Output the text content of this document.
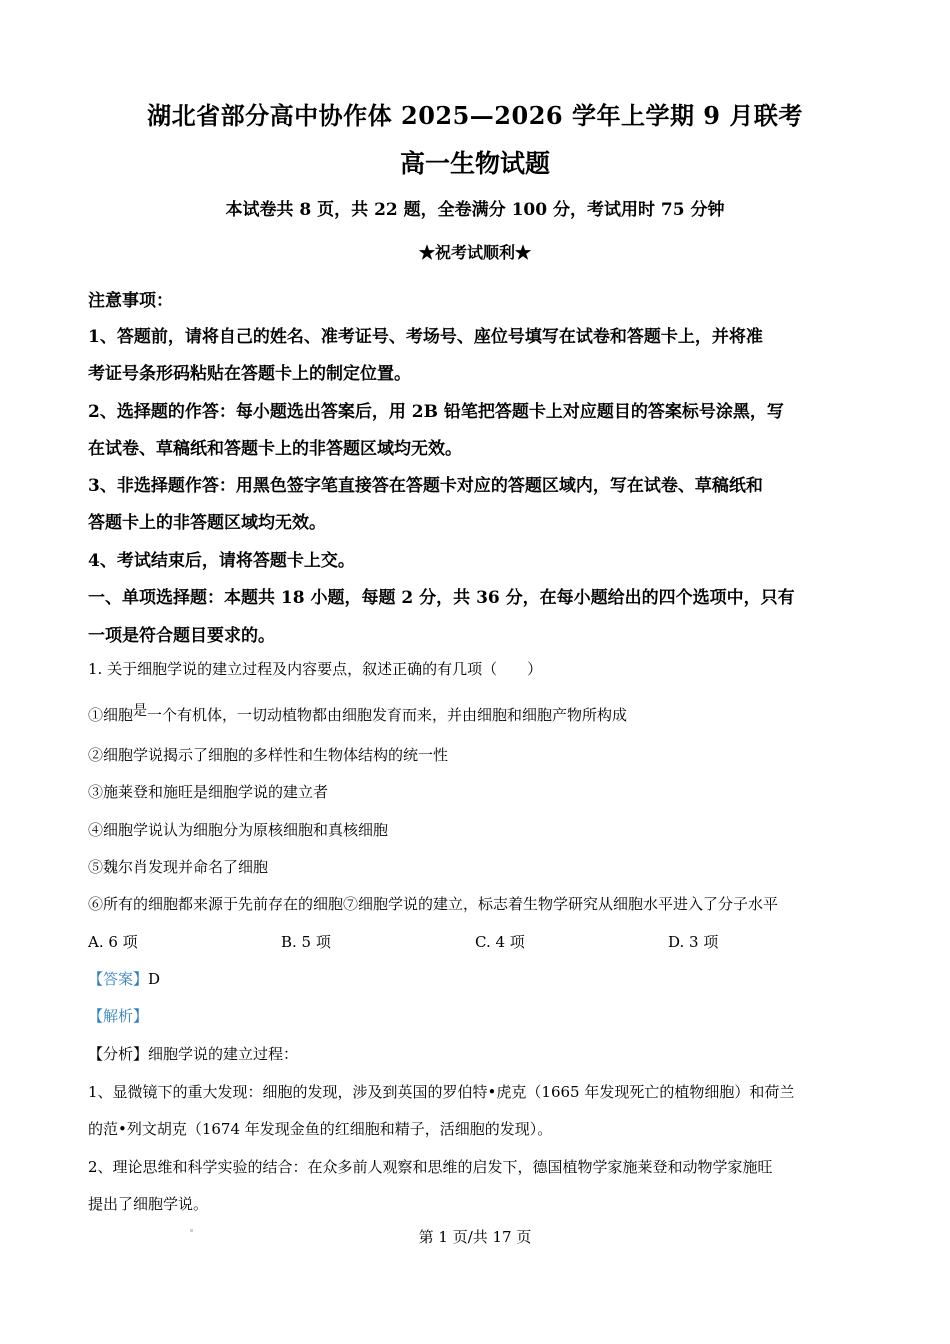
湖北省部分高中协作体 2025—2026 学年上学期 9 月联考
高一生物试题
本试卷共 8 页，共 22 题，全卷满分 100 分，考试用时 75 分钟
★祝考试顺利★
注意事项：
1、答题前，请将自己的姓名、准考证号、考场号、座位号填写在试卷和答题卡上，并将准
考证号条形码粘贴在答题卡上的制定位置。
2、选择题的作答：每小题选出答案后，用 2B 铅笔把答题卡上对应题目的答案标号涂黑，写
在试卷、草稿纸和答题卡上的非答题区域均无效。
3、非选择题作答：用黑色签字笔直接答在答题卡对应的答题区域内，写在试卷、草稿纸和
答题卡上的非答题区域均无效。
4、考试结束后，请将答题卡上交。
一、单项选择题：本题共 18 小题，每题 2 分，共 36 分，在每小题给出的四个选项中，只有
一项是符合题目要求的。
1. 关于细胞学说的建立过程及内容要点，叙述正确的有几项（　　）
①细胞是一个有机体，一切动植物都由细胞发育而来，并由细胞和细胞产物所构成
②细胞学说揭示了细胞的多样性和生物体结构的统一性
③施莱登和施旺是细胞学说的建立者
④细胞学说认为细胞分为原核细胞和真核细胞
⑤魏尔肖发现并命名了细胞
⑥所有的细胞都来源于先前存在的细胞⑦细胞学说的建立，标志着生物学研究从细胞水平进入了分子水平
A. 6 项	B. 5 项	C. 4 项	D. 3 项
【答案】D
【解析】
【分析】细胞学说的建立过程：
1、显微镜下的重大发现：细胞的发现，涉及到英国的罗伯特•虎克（1665 年发现死亡的植物细胞）和荷兰
的范•列文胡克（1674 年发现金鱼的红细胞和精子，活细胞的发现）。
2、理论思维和科学实验的结合：在众多前人观察和思维的启发下，德国植物学家施莱登和动物学家施旺
提出了细胞学说。
第 1 页/共 17 页
